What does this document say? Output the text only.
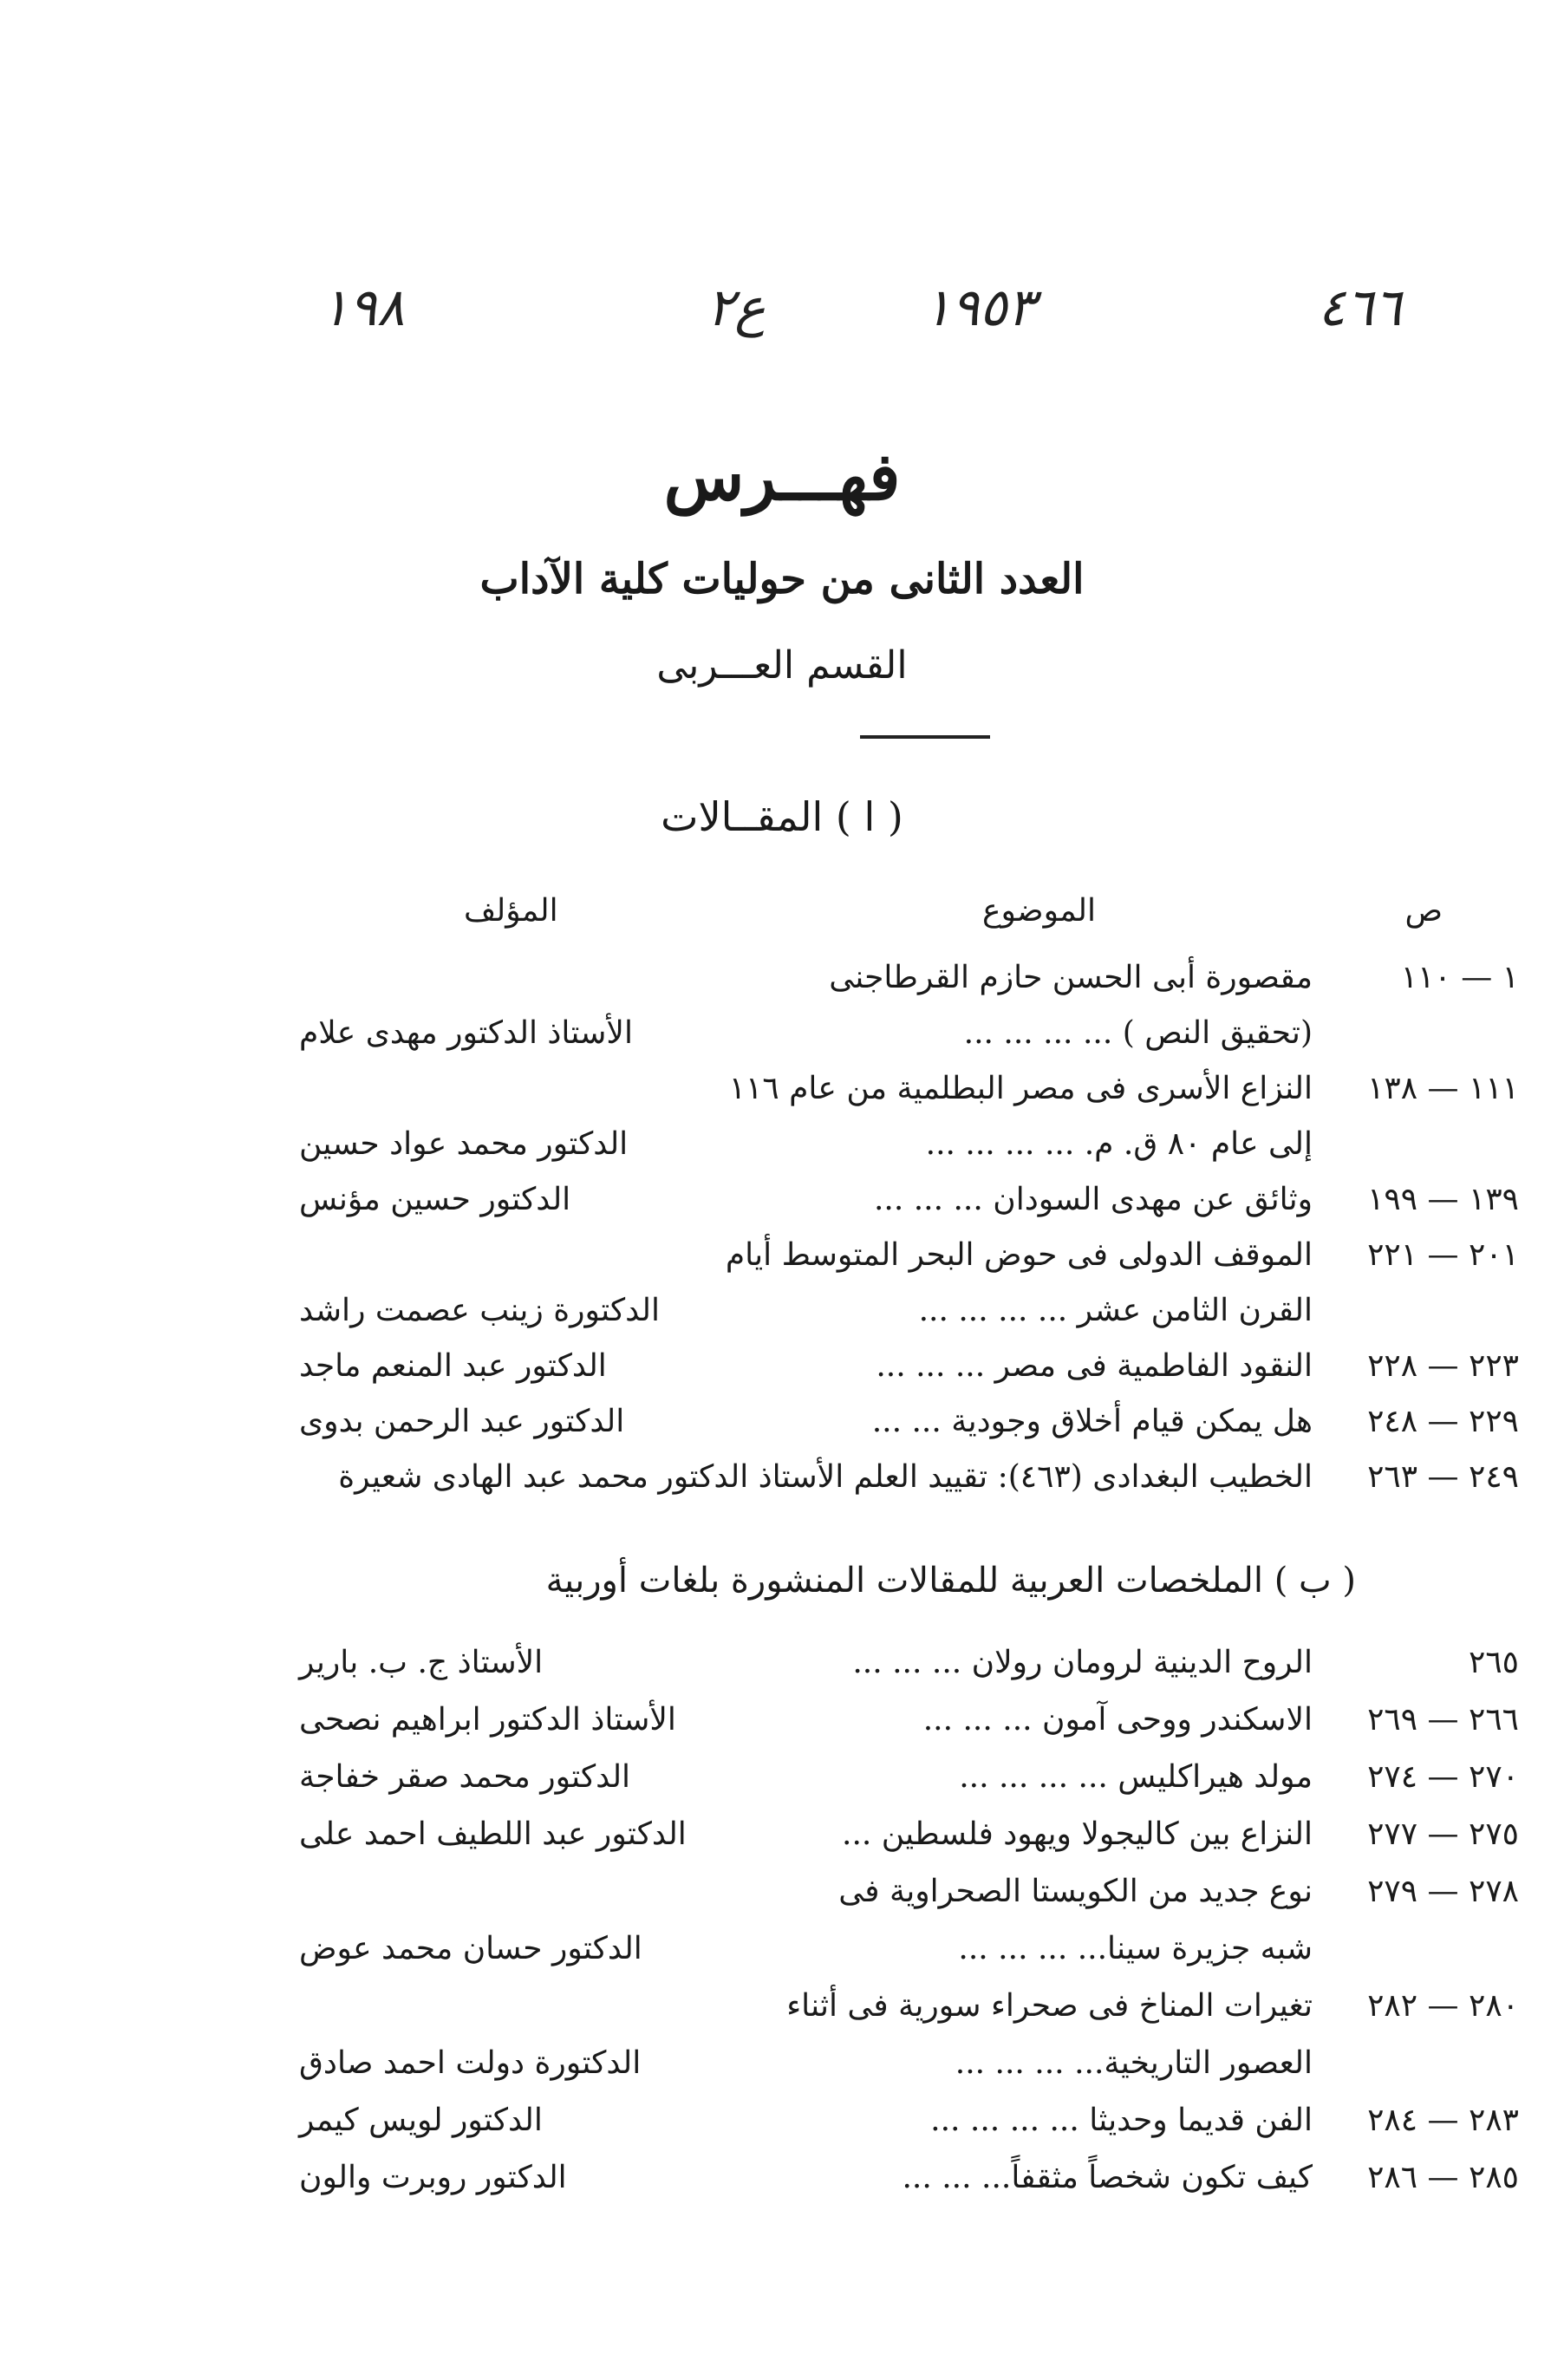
٤٦٦
١٩٥٣
ع٢
١٩٨
فهـــرس
العدد الثانى من حوليات كلية الآداب
القسم العـــربى
( ا ) المقــالات
ص
الموضوع
المؤلف
١ — ١١٠
مقصورة أبى الحسن حازم القرطاجنى
(تحقيق النص ) ... ... ... ...
الأستاذ الدكتور مهدى علام
١١١ — ١٣٨
النزاع الأسرى فى مصر البطلمية من عام ١١٦
إلى عام ٨٠ ق. م. ... ... ... ...
الدكتور محمد عواد حسين
١٣٩ — ١٩٩
وثائق عن مهدى السودان ... ... ...
الدكتور حسين مؤنس
٢٠١ — ٢٢١
الموقف الدولى فى حوض البحر المتوسط أيام
القرن الثامن عشر ... ... ... ...
الدكتورة زينب عصمت راشد
٢٢٣ — ٢٢٨
النقود الفاطمية فى مصر ... ... ...
الدكتور عبد المنعم ماجد
٢٢٩ — ٢٤٨
هل يمكن قيام أخلاق وجودية ... ...
الدكتور عبد الرحمن بدوى
٢٤٩ — ٢٦٣
الخطيب البغدادى (٤٦٣): تقييد العلم الأستاذ الدكتور محمد عبد الهادى شعيرة
( ب ) الملخصات العربية للمقالات المنشورة بلغات أوربية
٢٦٥
الروح الدينية لرومان رولان ... ... ...
الأستاذ ج. ب. بارير
٢٦٦ — ٢٦٩
الاسكندر ووحى آمون ... ... ...
الأستاذ الدكتور ابراهيم نصحى
٢٧٠ — ٢٧٤
مولد هيراكليس ... ... ... ...
الدكتور محمد صقر خفاجة
٢٧٥ — ٢٧٧
النزاع بين كاليجولا ويهود فلسطين ...
الدكتور عبد اللطيف احمد على
٢٧٨ — ٢٧٩
نوع جديد من الكويستا الصحراوية فى
شبه جزيرة سينا... ... ... ...
الدكتور حسان محمد عوض
٢٨٠ — ٢٨٢
تغيرات المناخ فى صحراء سورية فى أثناء
العصور التاريخية... ... ... ...
الدكتورة دولت احمد صادق
٢٨٣ — ٢٨٤
الفن قديما وحديثا ... ... ... ...
الدكتور لويس كيمر
٢٨٥ — ٢٨٦
كيف تكون شخصاً مثقفاً... ... ...
الدكتور روبرت والون
